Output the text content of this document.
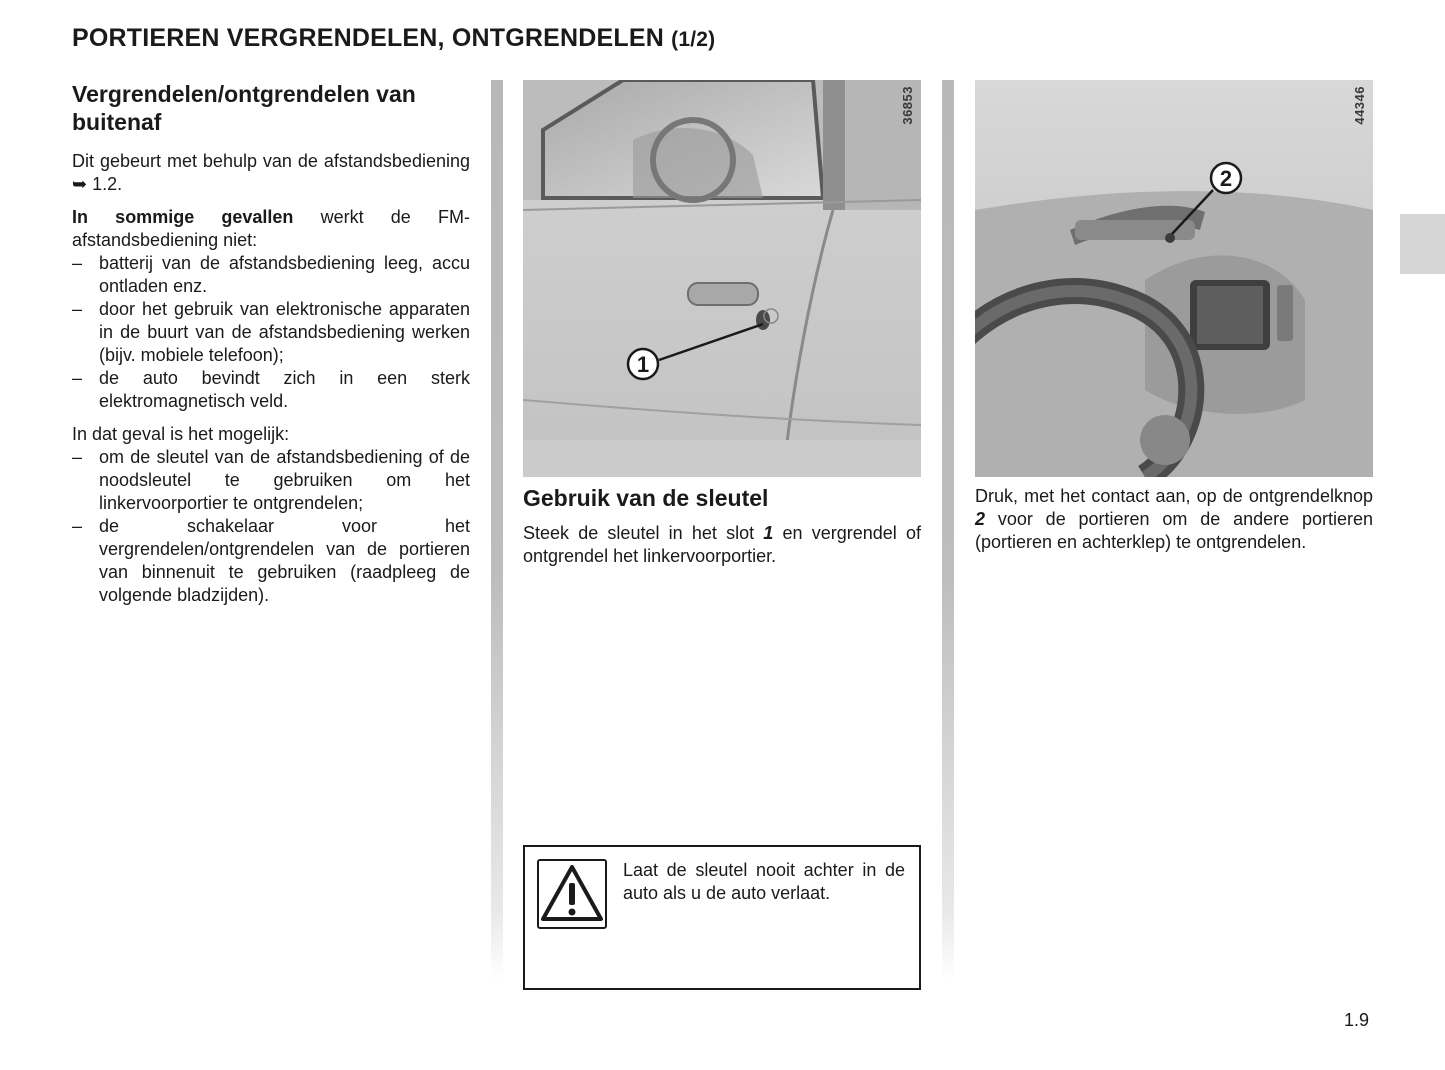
PORTIEREN VERGRENDELEN, ONTGRENDELEN (1/2)
Vergrendelen/ontgrendelen van buitenaf

Dit gebeurt met behulp van de afstandsbediening ➥ 1.2.

In sommige gevallen werkt de FM-afstandsbediening niet:

– batterij van de afstandsbediening leeg, accu ontladen enz.
– door het gebruik van elektronische apparaten in de buurt van de afstandsbediening werken (bijv. mobiele telefoon);
– de auto bevindt zich in een sterk elektromagnetisch veld.

In dat geval is het mogelijk:

– om de sleutel van de afstandsbediening of de noodsleutel te gebruiken om het linkervoorportier te ontgrendelen;
– de schakelaar voor het vergrendelen/ontgrendelen van de portieren van binnenuit te gebruiken (raadpleeg de volgende bladzijden).
1
36853
Gebruik van de sleutel

Steek de sleutel in het slot 1 en vergrendel of ontgrendel het linkervoorportier.

2
44346

Druk, met het contact aan, op de ontgrendelknop 2 voor de portieren om de andere portieren (portieren en achterklep) te ontgrendelen.

Laat de sleutel nooit achter in de auto als u de auto verlaat.

1.9
